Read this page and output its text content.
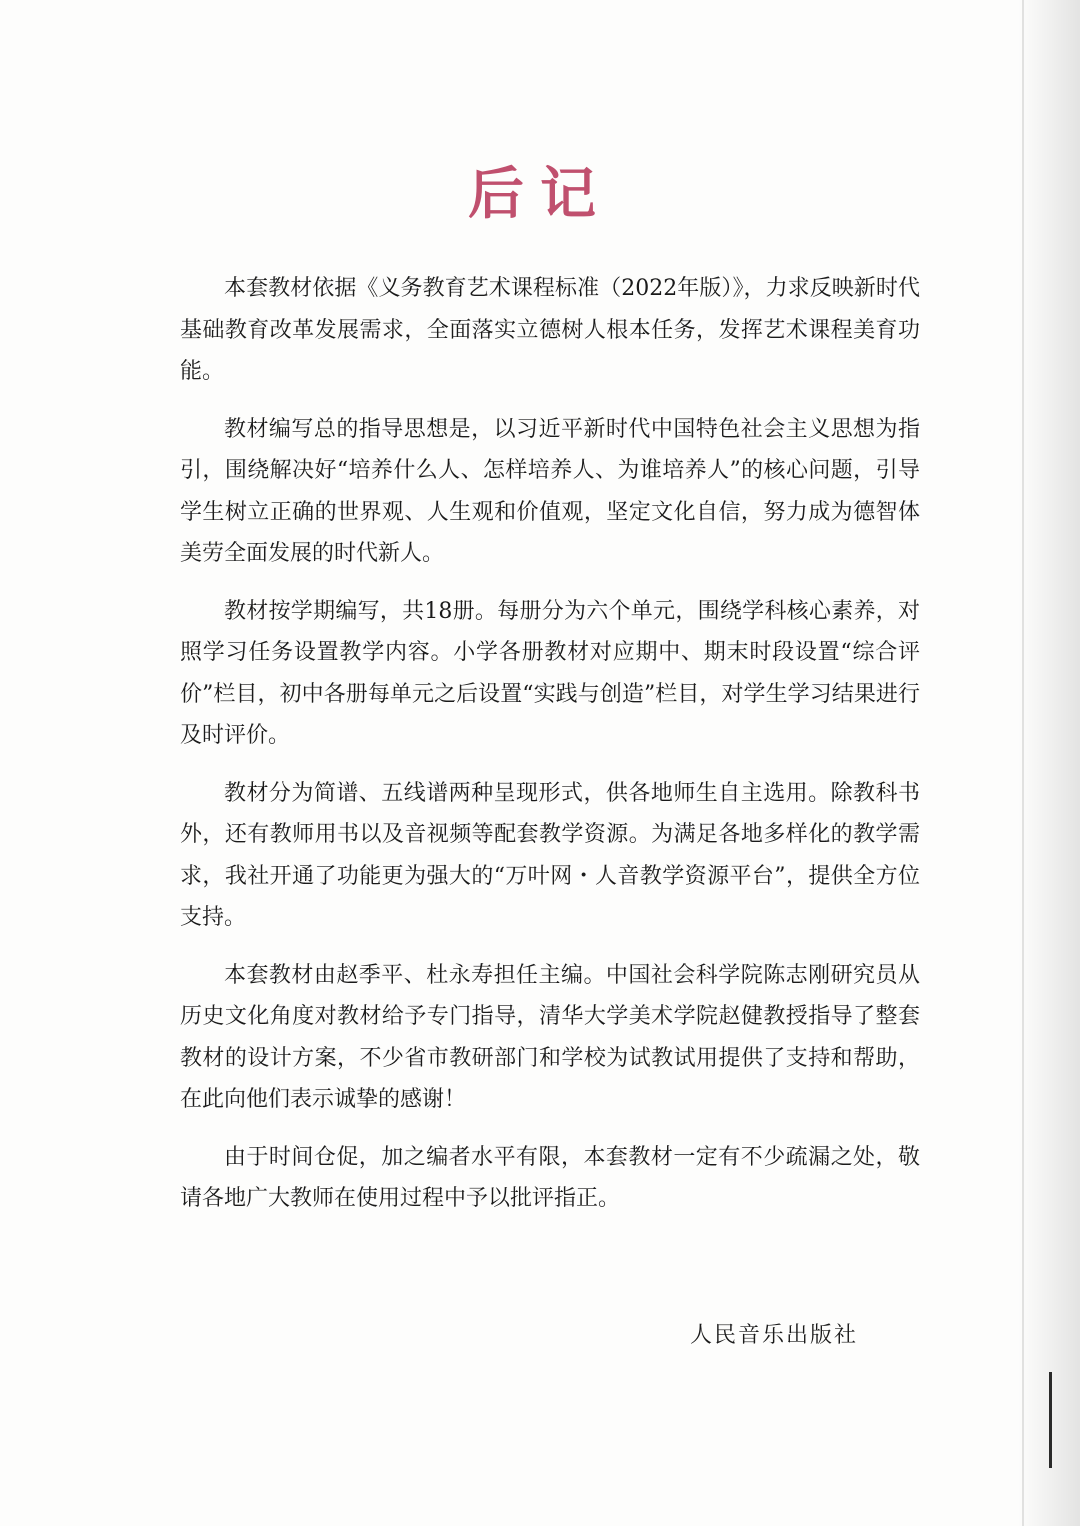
后记

本套教材依据《义务教育艺术课程标准（2022年版）》，力求反映新时代基础教育改革发展需求，全面落实立德树人根本任务，发挥艺术课程美育功能。

教材编写总的指导思想是，以习近平新时代中国特色社会主义思想为指引，围绕解决好“培养什么人、怎样培养人、为谁培养人”的核心问题，引导学生树立正确的世界观、人生观和价值观，坚定文化自信，努力成为德智体美劳全面发展的时代新人。

教材按学期编写，共18册。每册分为六个单元，围绕学科核心素养，对照学习任务设置教学内容。小学各册教材对应期中、期末时段设置“综合评价”栏目，初中各册每单元之后设置“实践与创造”栏目，对学生学习结果进行及时评价。

教材分为简谱、五线谱两种呈现形式，供各地师生自主选用。除教科书外，还有教师用书以及音视频等配套教学资源。为满足各地多样化的教学需求，我社开通了功能更为强大的“万叶网・人音教学资源平台”，提供全方位支持。

本套教材由赵季平、杜永寿担任主编。中国社会科学院陈志刚研究员从历史文化角度对教材给予专门指导，清华大学美术学院赵健教授指导了整套教材的设计方案，不少省市教研部门和学校为试教试用提供了支持和帮助，在此向他们表示诚挚的感谢！

由于时间仓促，加之编者水平有限，本套教材一定有不少疏漏之处，敬请各地广大教师在使用过程中予以批评指正。

人民音乐出版社
